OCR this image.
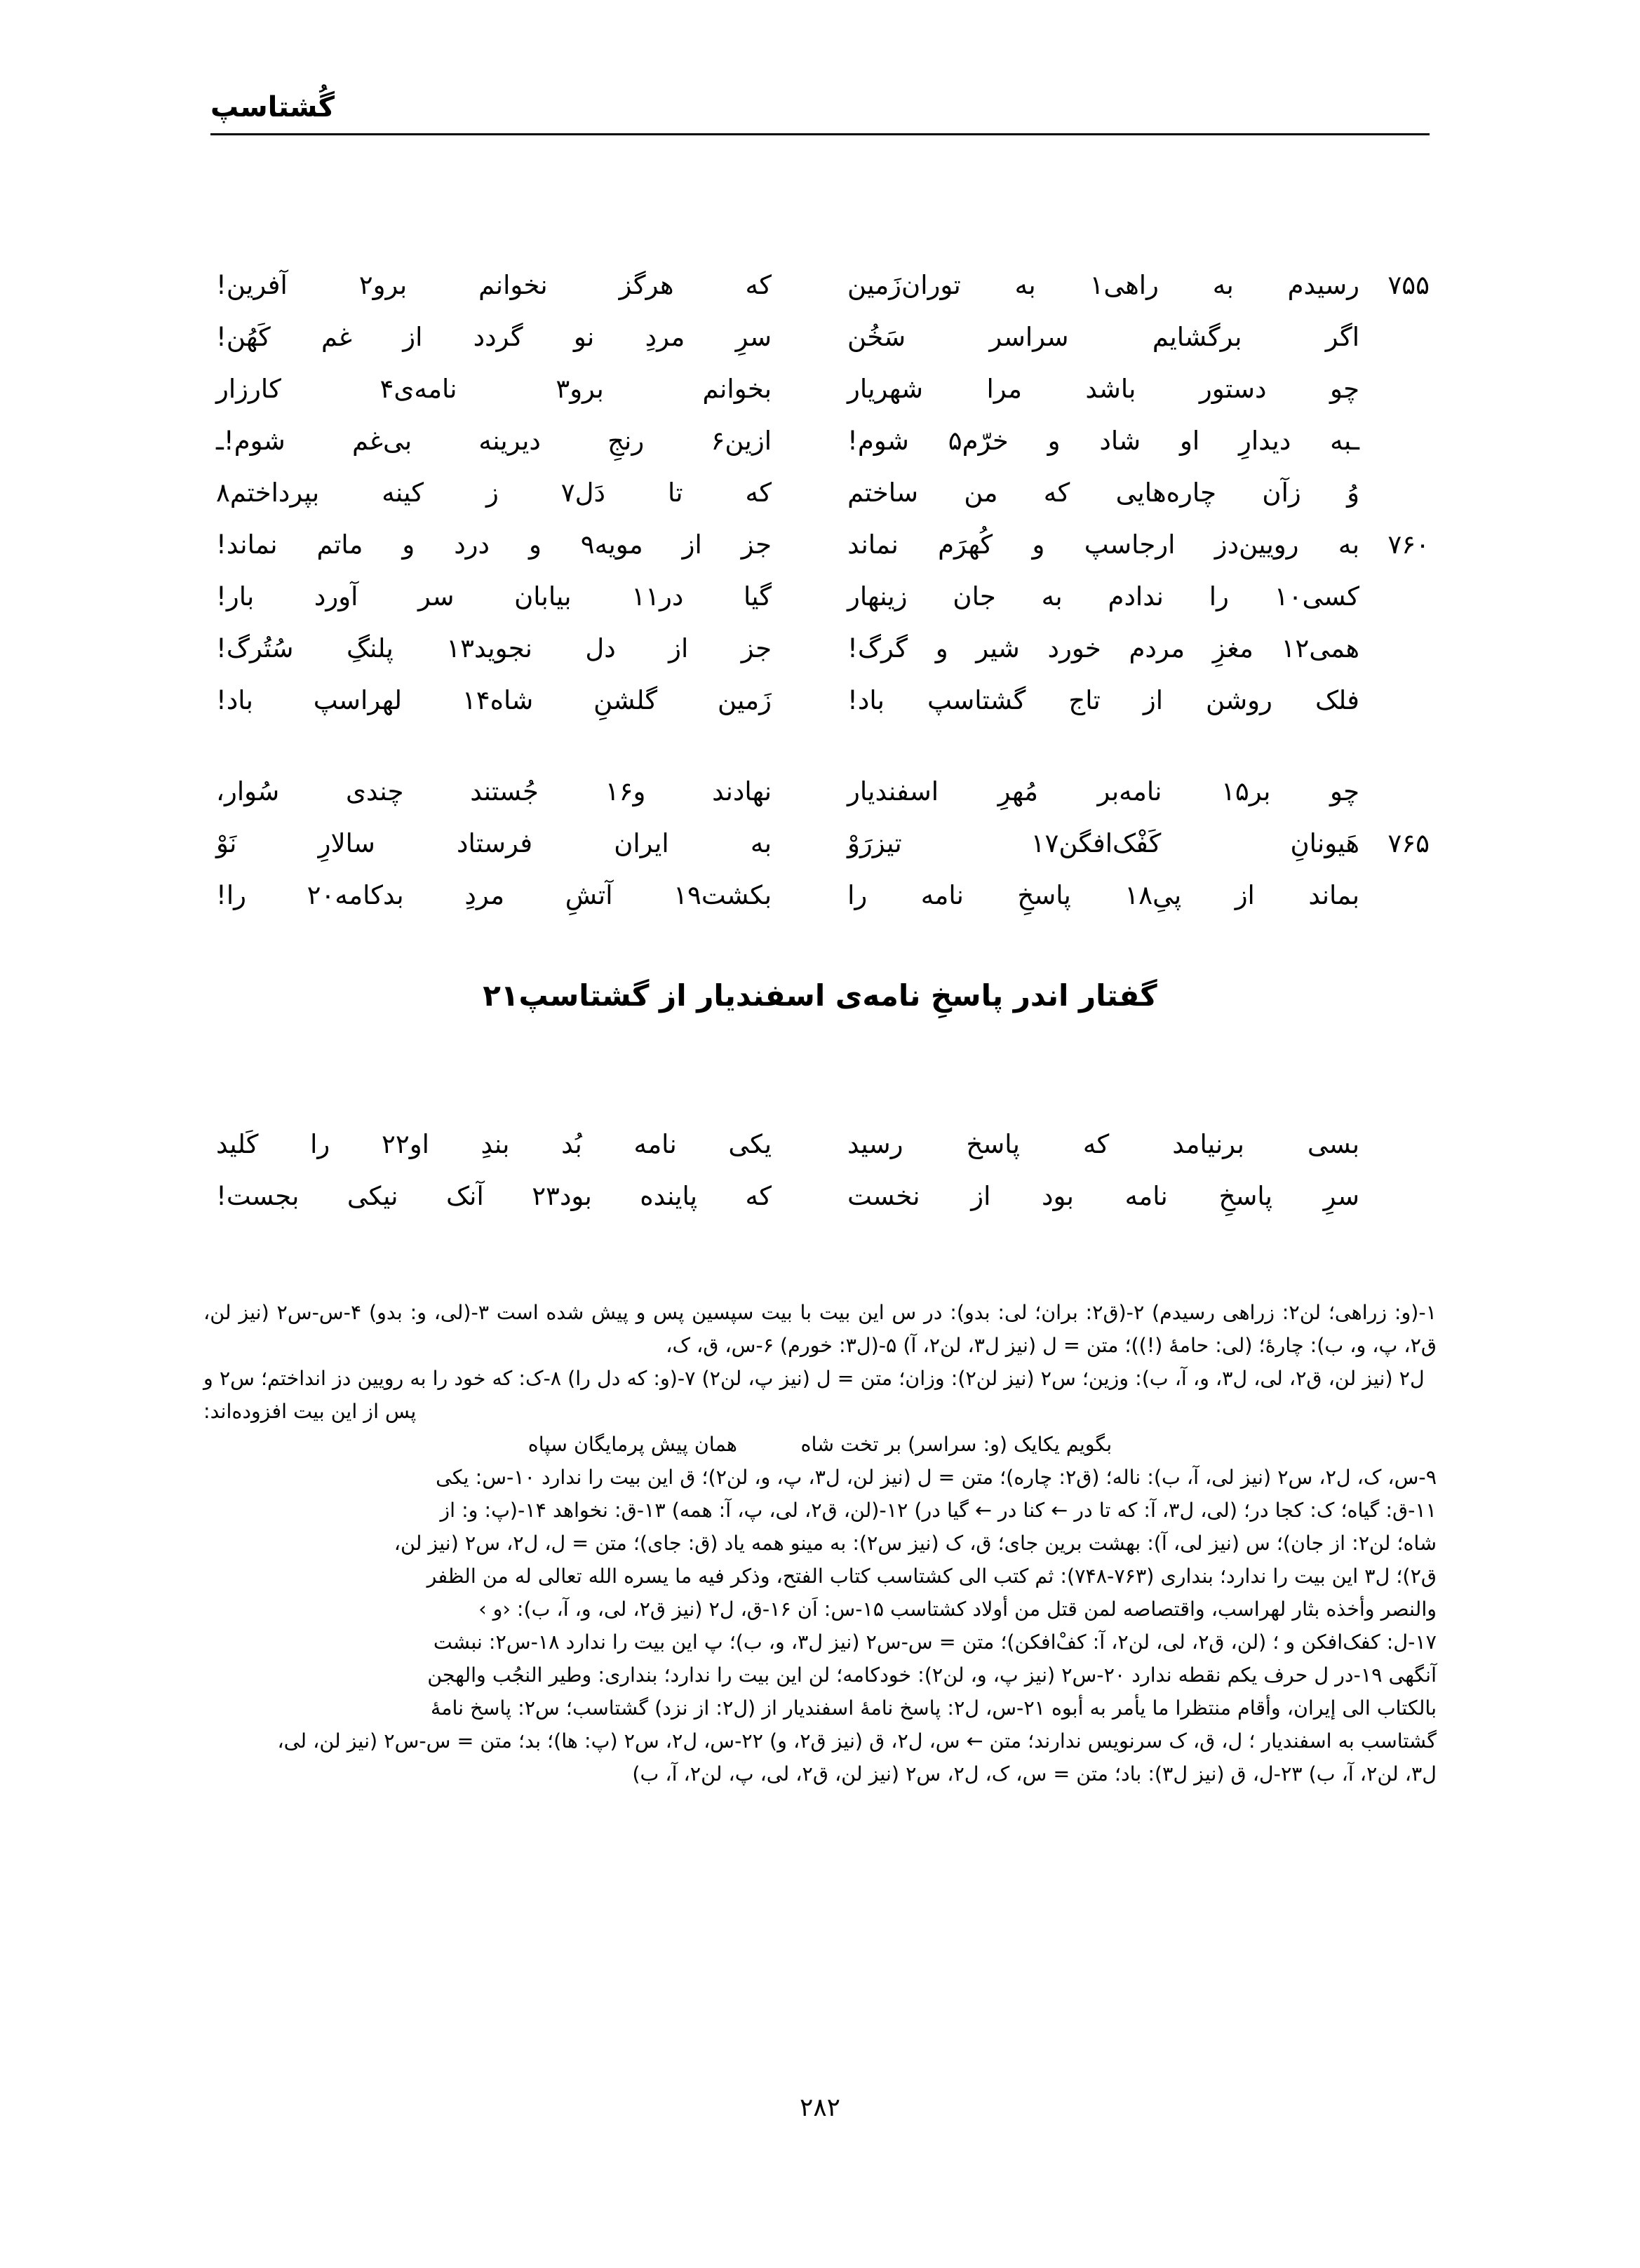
گُشتاسپ
۷۵۵
رسیدم
به
راهی۱
به
توران‌زَمین
که
هرگز
نخوانم
برو۲
آفرین!
اگر
برگشایم
سراسر
سَخُن
سرِ
مردِ
نو
گردد
از
غم
کَهُن!
چو
دستور
باشد
مرا
شهریار
بخوانم
برو۳
نامه‌ی۴
کارزار
ـبه
دیدارِ
او
شاد
و
خرّم۵
شوم!
ازین۶
رنجِ
دیرینه
بی‌غم
شوم!ـ
وُ
زآن
چاره‌هایی
که
من
ساختم
که
تا
دَل۷
ز
کینه
بپرداختم۸
۷۶۰
به
رویین‌دز
ارجاسپ
و
کُهرَم
نماند
جز
از
مویه۹
و
درد
و
ماتم
نماند!
کسی۱۰
را
ندادم
به
جان
زینهار
گیا
در۱۱
بیابان
سر
آورد
بار!
همی۱۲
مغزِ
مردم
خورد
شیر
و
گرگ!
جز
از
دل
نجوید۱۳
پلنگِ
سُتُرگ!
فلک
روشن
از
تاج
گشتاسپ
باد!
زَمین
گلشنِ
شاه۱۴
لهراسپ
باد!
چو
بر۱۵
نامه‌بر
مُهرِ
اسفندیار
نهادند
و۱۶
جُستند
چندی
سُوار،
۷۶۵
هَیونانِ
کَفْک‌افگن۱۷
تیزرَوْ
به
ایران
فرستاد
سالارِ
نَوْ
بماند
از
پیِ۱۸
پاسخِ
نامه
را
بکشت۱۹
آتشِ
مردِ
بدکامه۲۰
را!
گفتار اندر پاسخِ نامه‌ی اسفندیار از گشتاسپ۲۱
بسی
برنیامد
که
پاسخ
رسید
یکی
نامه
بُد
بندِ
او۲۲
را
کَلید
سرِ
پاسخِ
نامه
بود
از
نخست
که
پاینده
بود۲۳
آنک
نیکی
بجست!

۱-(و: زراهی؛ لن۲: زراهی رسیدم) ۲-(ق۲: بران؛ لی: بدو): در س این بیت با بیت سپسین پس و پیش شده است ۳-(لی، و: بدو) ۴-س-س۲ (نیز لن، ق۲، پ، و، ب): چارهٔ؛ (لی: حامهٔ (!))؛ متن = ل (نیز ل۳، لن۲، آ) ۵-(ل۳: خورم) ۶-س، ق، ک،

ل۲ (نیز لن، ق۲، لی، ل۳، و، آ، ب): وزین؛ س۲ (نیز لن۲): وزان؛ متن = ل (نیز پ، لن۲) ۷-(و: که دل را) ۸-ک: که خود را به رویین دز انداختم؛ س۲ و پس از این بیت افزوده‌اند:

بگویم یکایک (و: سراسر) بر تخت شاه          همان پیش پرمایگان سپاه

۹-س، ک، ل۲، س۲ (نیز لی، آ، ب): ناله؛ (ق۲: چاره)؛ متن = ل (نیز لن، ل۳، پ، و، لن۲)؛ ق این بیت را ندارد ۱۰-س: یکی

۱۱-ق: گیاه؛ ک: کجا در؛ (لی، ل۳، آ: که تا در ← کنا در ← گیا در) ۱۲-(لن، ق۲، لی، پ، آ: همه) ۱۳-ق: نخواهد ۱۴-(پ: و: از

شاه؛ لن۲: از جان)؛ س (نیز لی، آ): بهشت برین جای؛ ق، ک (نیز س۲): به مینو همه یاد (ق: جای)؛ متن = ل، ل۲، س۲ (نیز لن،

ق۲)؛ ل۳ این بیت را ندارد؛ بنداری (۷۶۳-۷۴۸): ثم کتب الی کشتاسب کتاب الفتح، وذکر فیه ما یسره الله تعالی له من الظفر

والنصر وأخذه بثار لهراسب، واقتصاصه لمن قتل من أولاد کشتاسب ۱۵-س: اَن ۱۶-ق، ل۲ (نیز ق۲، لی، و، آ، ب): ‹و ›

۱۷-ل: کفک‌افکن و ؛ (لن، ق۲، لی، لن۲، آ: کفْ‌افکن)؛ متن = س-س۲ (نیز ل۳، و، ب)؛ پ این بیت را ندارد ۱۸-س۲: نبشت

آنگهی ۱۹-در ل حرف یکم نقطه ندارد ۲۰-س۲ (نیز پ، و، لن۲): خودکامه؛ لن این بیت را ندارد؛ بنداری: وطیر النجُب والهجن

بالکتاب الی إیران، وأقام منتظرا ما یأمر به أبوه ۲۱-س، ل۲: پاسخ نامهٔ اسفندیار از (ل۲: از نزد) گشتاسب؛ س۲: پاسخ نامهٔ

گشتاسب به اسفندیار ؛ ل، ق، ک سرنویس ندارند؛ متن ← س، ل۲، ق (نیز ق۲، و) ۲۲-س، ل۲، س۲ (پ: ها)؛ بد؛ متن = س-س۲ (نیز لن، لی،

ل۳، لن۲، آ، ب) ۲۳-ل، ق (نیز ل۳): باد؛ متن = س، ک، ل۲، س۲ (نیز لن، ق۲، لی، پ، لن۲، آ، ب)

۲۸۲
